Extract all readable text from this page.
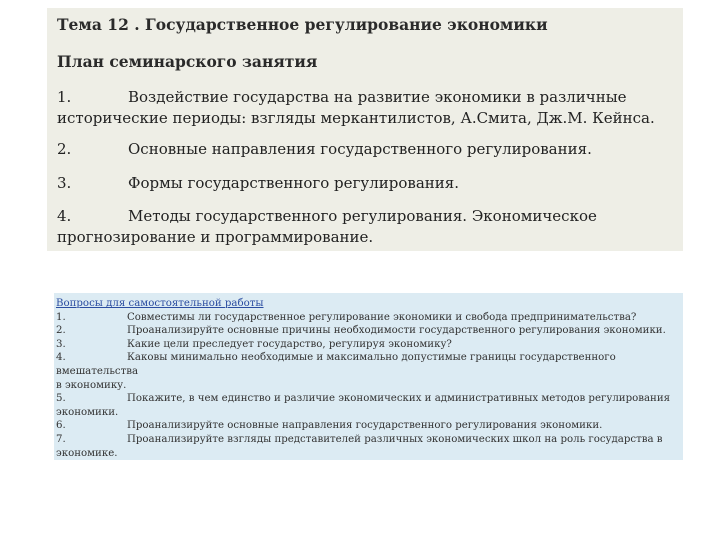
Тема 12 . Государственное регулирование экономики
План семинарского занятия
1.	Воздействие государства на развитие экономики в различные
исторические периоды: взгляды меркантилистов, А.Смита, Дж.М. Кейнса.
2.	Основные направления государственного регулирования.
3.	Формы государственного регулирования.
4.	Методы государственного регулирования. Экономическое
прогнозирование и программирование.
Вопросы для самостоятельной работы
1.	Совместимы ли государственное регулирование экономики и свобода предпринимательства?
2.	Проанализируйте основные причины необходимости государственного регулирования экономики.
3.	Какие цели преследует государство, регулируя экономику?
4.	Каковы минимально необходимые и максимально допустимые границы государственного вмешательства
в экономику.
5.	Покажите, в чем единство и различие экономических и административных методов регулирования
экономики.
6.	Проанализируйте основные направления государственного регулирования экономики.
7.	Проанализируйте взгляды представителей различных экономических школ на роль государства в
экономике.
